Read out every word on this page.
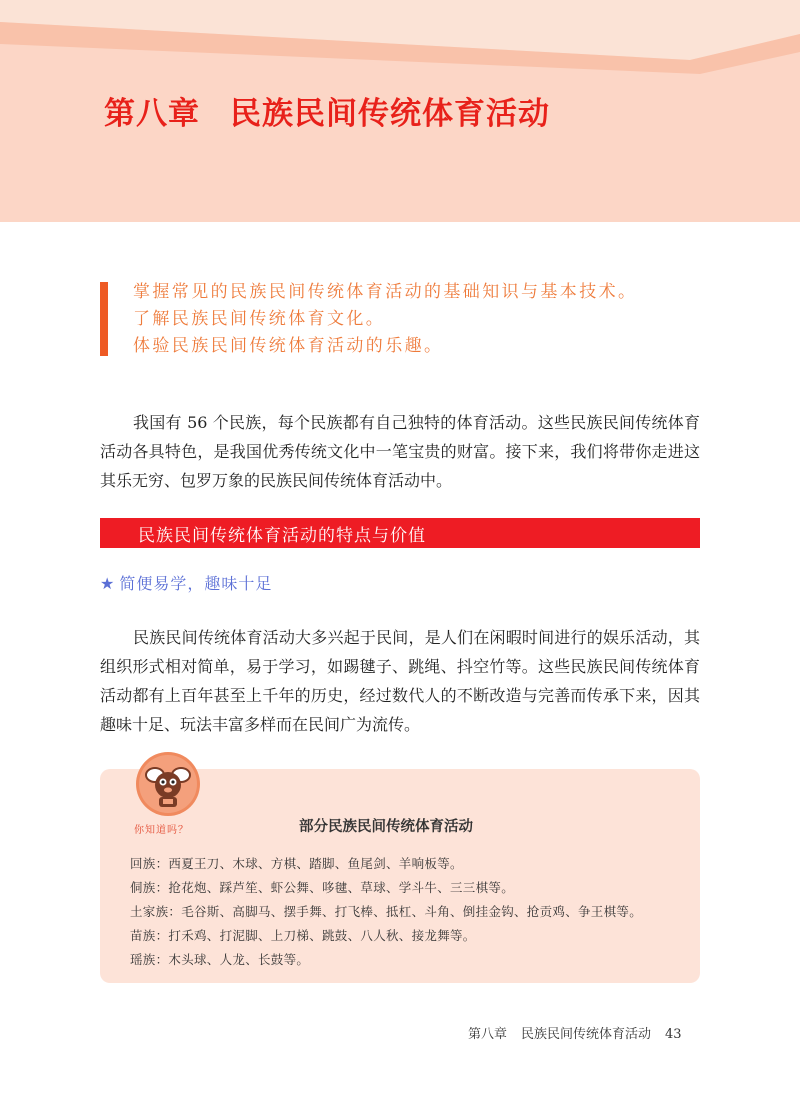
第八章 民族民间传统体育活动
掌握常见的民族民间传统体育活动的基础知识与基本技术。
了解民族民间传统体育文化。
体验民族民间传统体育活动的乐趣。

我国有 56 个民族，每个民族都有自己独特的体育活动。这些民族民间传统体育活动各具特色，是我国优秀传统文化中一笔宝贵的财富。接下来，我们将带你走进这其乐无穷、包罗万象的民族民间传统体育活动中。

民族民间传统体育活动的特点与价值

★ 简便易学，趣味十足

民族民间传统体育活动大多兴起于民间，是人们在闲暇时间进行的娱乐活动，其组织形式相对简单，易于学习，如踢毽子、跳绳、抖空竹等。这些民族民间传统体育活动都有上百年甚至上千年的历史，经过数代人的不断改造与完善而传承下来，因其趣味十足、玩法丰富多样而在民间广为流传。

你知道吗？	部分民族民间传统体育活动

回族：西夏王刀、木球、方棋、踏脚、鱼尾剑、羊响板等。
侗族：抢花炮、踩芦笙、虾公舞、哆毽、草球、学斗牛、三三棋等。
土家族：毛谷斯、高脚马、摆手舞、打飞棒、抵杠、斗角、倒挂金钩、抢贡鸡、争王棋等。
苗族：打禾鸡、打泥脚、上刀梯、跳鼓、八人秋、接龙舞等。
瑶族：木头球、人龙、长鼓等。
第八章 民族民间传统体育活动 43
